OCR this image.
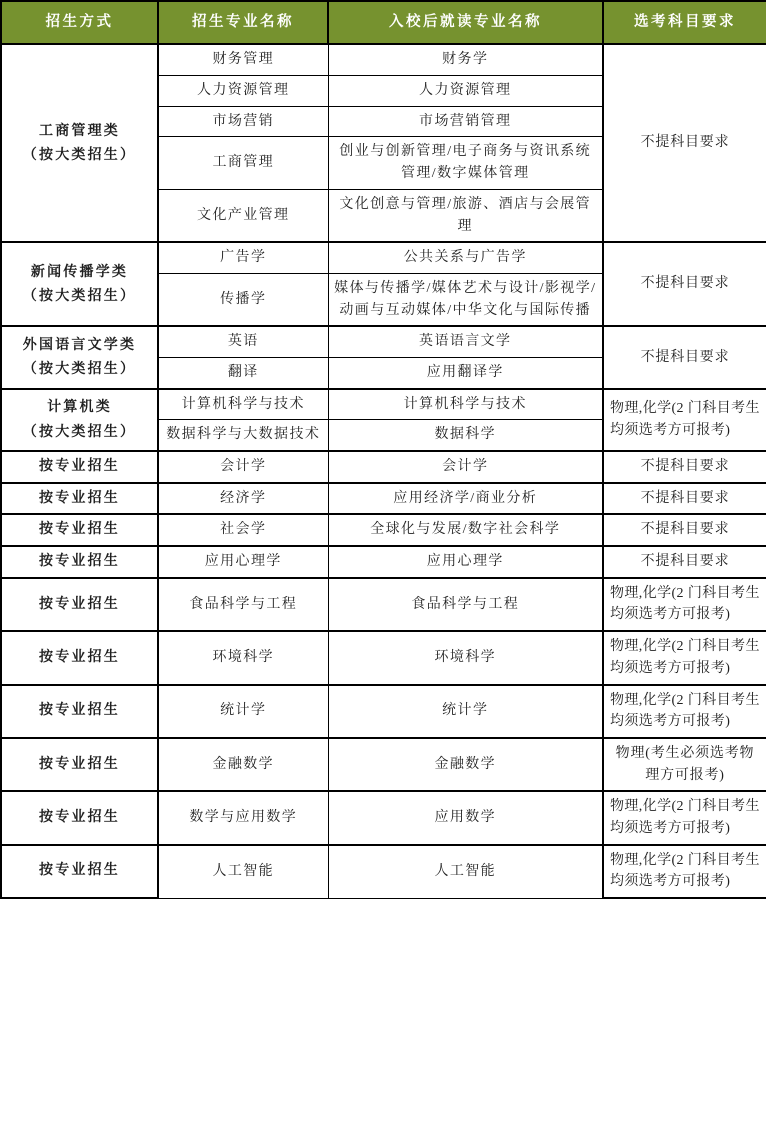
招生方式	招生专业名称	入校后就读专业名称	选考科目要求

工商管理类
（按大类招生）	财务管理	财务学	不提科目要求
	人力资源管理	人力资源管理	
	市场营销	市场营销管理	
	工商管理	创业与创新管理/电子商务与资讯系统管理/数字媒体管理	
	文化产业管理	文化创意与管理/旅游、酒店与会展管理	

新闻传播学类
（按大类招生）	广告学	公共关系与广告学	不提科目要求
	传播学	媒体与传播学/媒体艺术与设计/影视学/动画与互动媒体/中华文化与国际传播	

外国语言文学类
（按大类招生）	英语	英语语言文学	不提科目要求
	翻译	应用翻译学	

计算机类
（按大类招生）	计算机科学与技术	计算机科学与技术	物理,化学(2 门科目考生均须选考方可报考)
	数据科学与大数据技术	数据科学	
按专业招生	会计学	会计学	不提科目要求
按专业招生	经济学	应用经济学/商业分析	不提科目要求
按专业招生	社会学	全球化与发展/数字社会科学	不提科目要求
按专业招生	应用心理学	应用心理学	不提科目要求
按专业招生	食品科学与工程	食品科学与工程	物理,化学(2 门科目考生均须选考方可报考)
按专业招生	环境科学	环境科学	物理,化学(2 门科目考生均须选考方可报考)
按专业招生	统计学	统计学	物理,化学(2 门科目考生均须选考方可报考)
按专业招生	金融数学	金融数学	物理(考生必须选考物理方可报考)
按专业招生	数学与应用数学	应用数学	物理,化学(2 门科目考生均须选考方可报考)
按专业招生	人工智能	人工智能	物理,化学(2 门科目考生均须选考方可报考)
